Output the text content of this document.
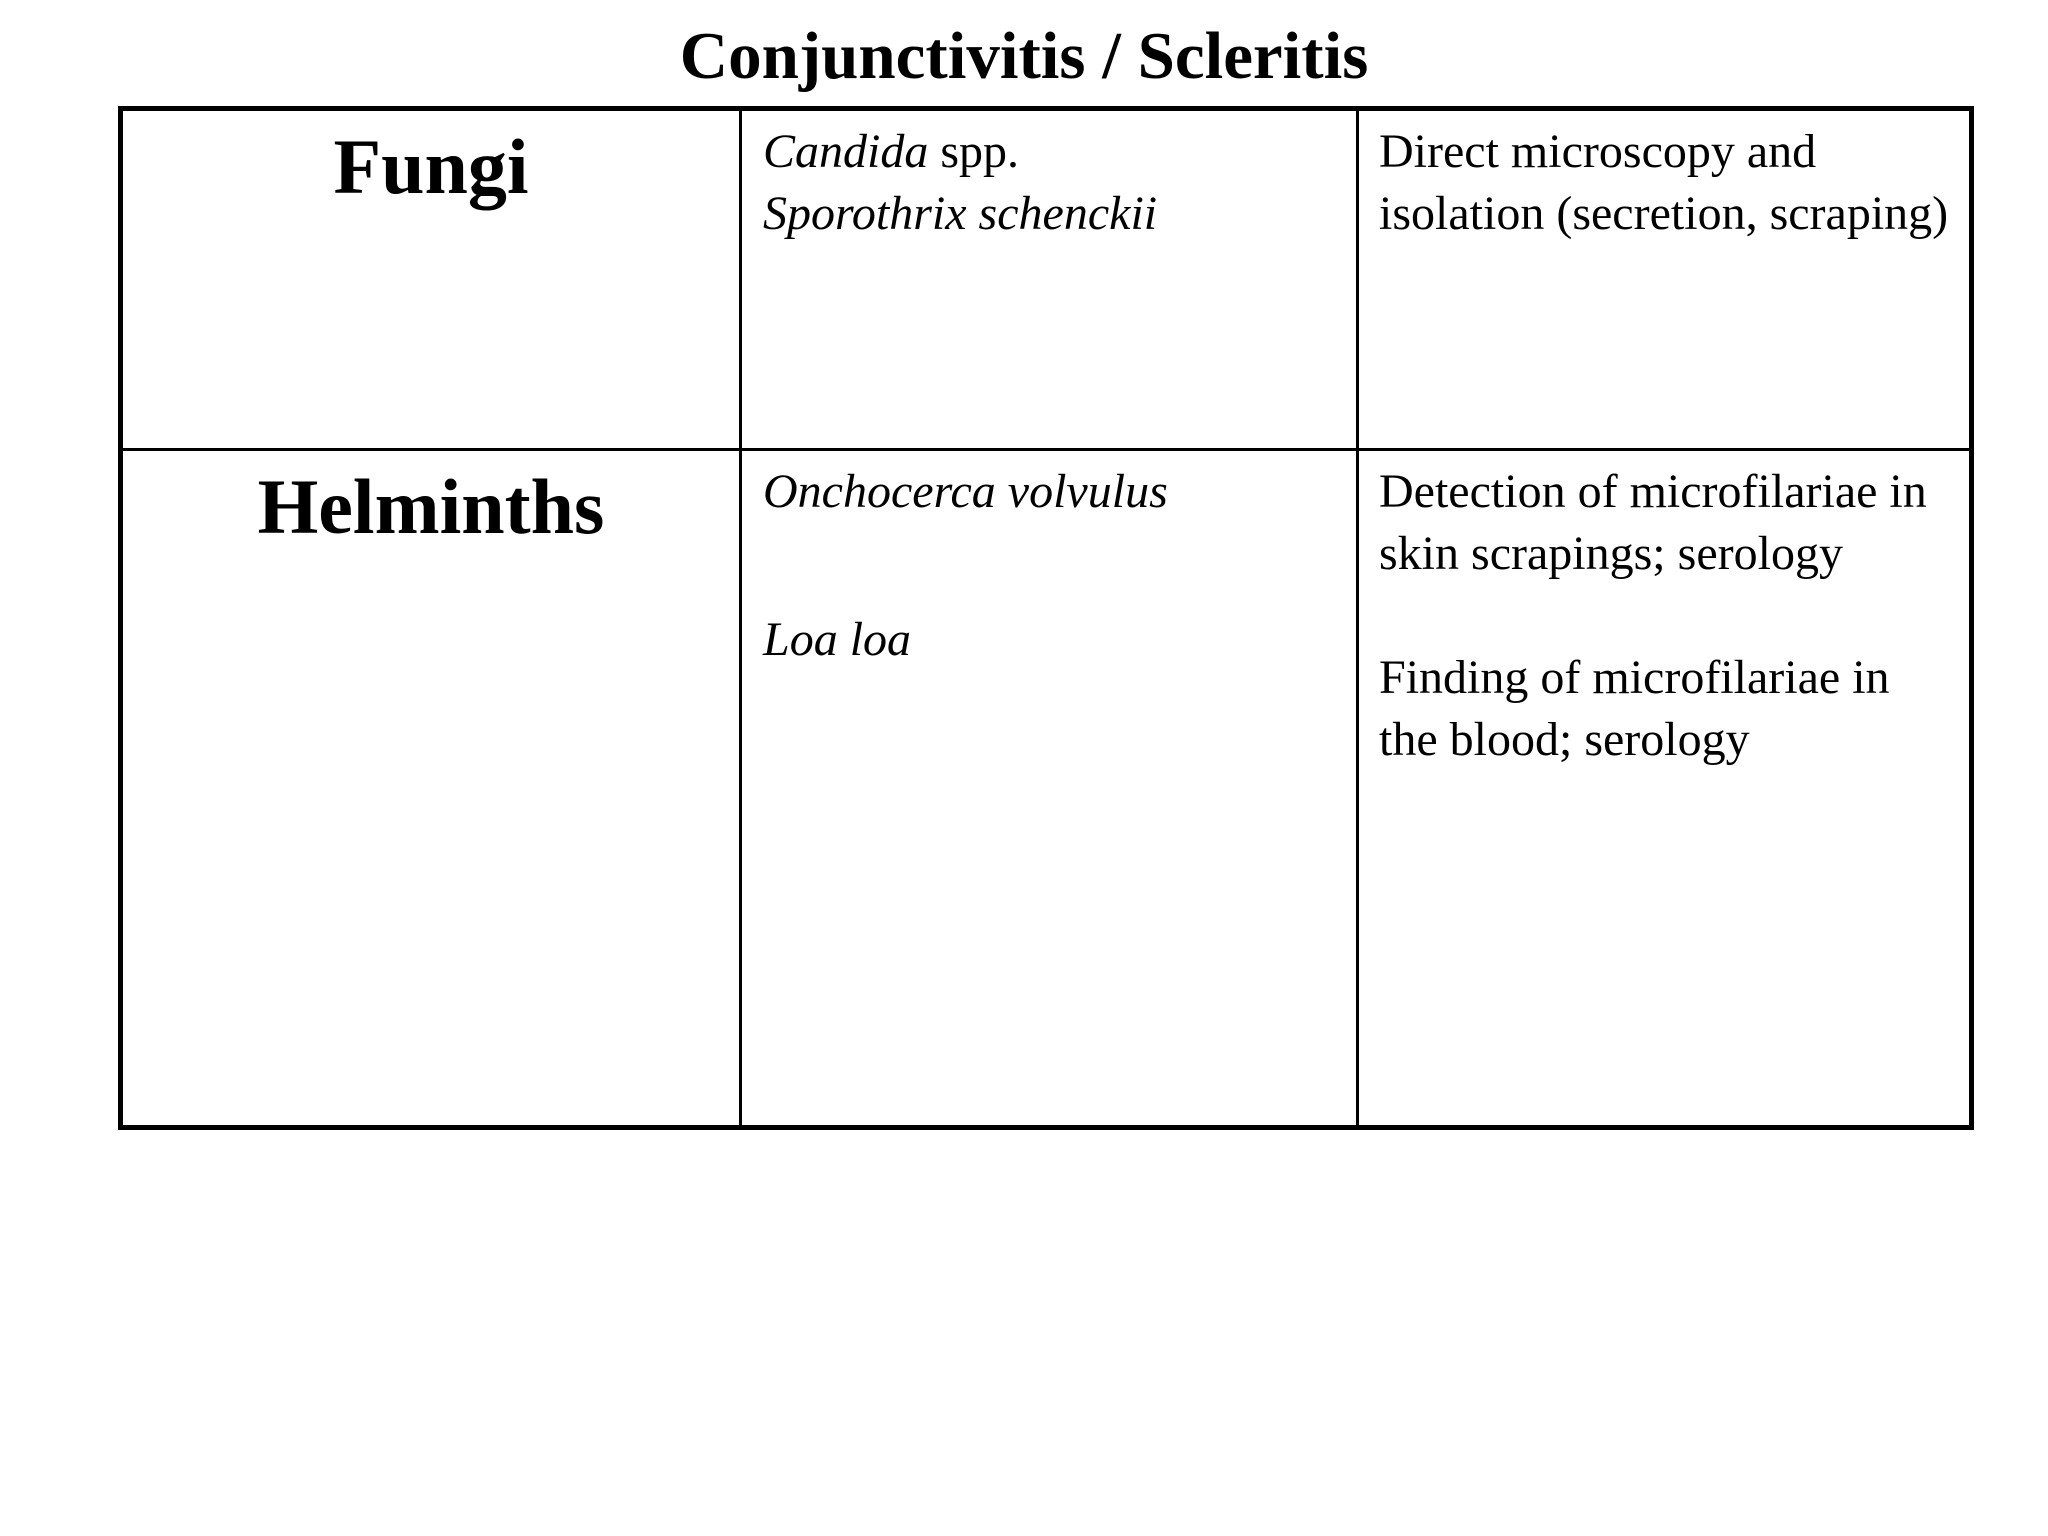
Conjunctivitis / Scleritis
Fungi	Candida spp.

Sporothrix schenckii

Direct microscopy and isolation (secretion, scraping)

Helminths	Onchocerca volvulus

Loa loa

Detection of microfilariae in skin scrapings; serology

Finding of microfilariae in the blood; serology
